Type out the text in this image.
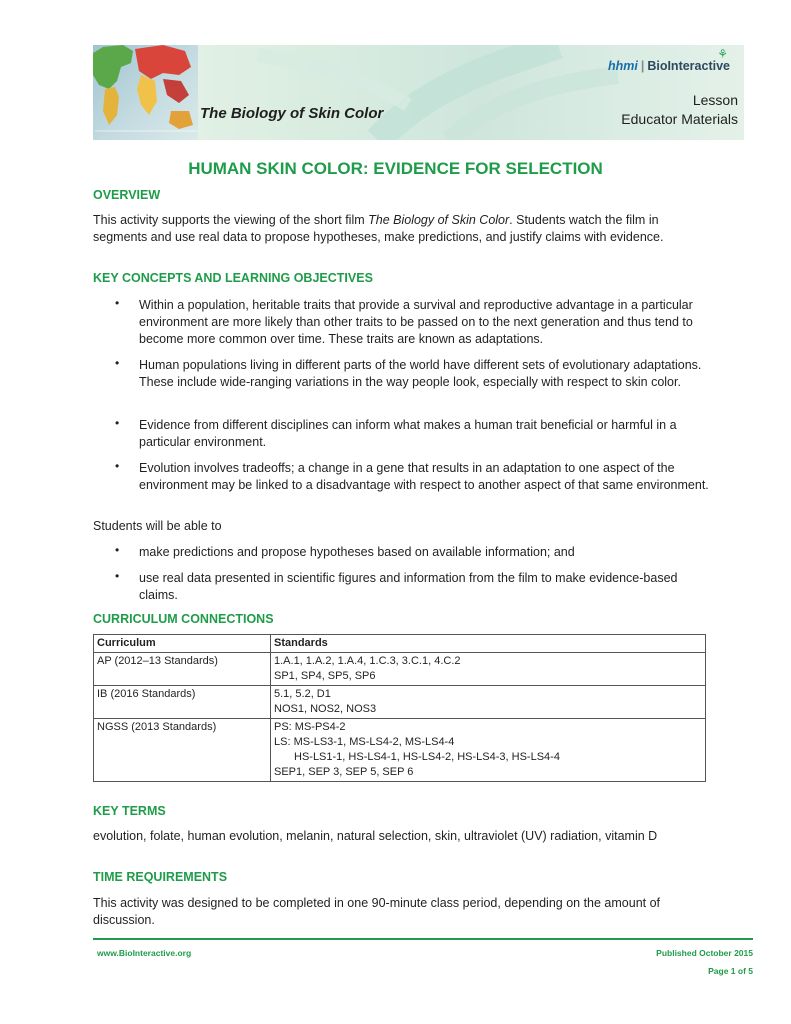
⚘
hhmi | BioInteractive
The Biology of Skin Color
Lesson
Educator Materials
HUMAN SKIN COLOR: EVIDENCE FOR SELECTION
OVERVIEW
This activity supports the viewing of the short film The Biology of Skin Color. Students watch the film in segments and use real data to propose hypotheses, make predictions, and justify claims with evidence.
KEY CONCEPTS AND LEARNING OBJECTIVES
• Within a population, heritable traits that provide a survival and reproductive advantage in a particular environment are more likely than other traits to be passed on to the next generation and thus tend to become more common over time. These traits are known as adaptations.
• Human populations living in different parts of the world have different sets of evolutionary adaptations. These include wide-ranging variations in the way people look, especially with respect to skin color.
• Evidence from different disciplines can inform what makes a human trait beneficial or harmful in a particular environment.
• Evolution involves tradeoffs; a change in a gene that results in an adaptation to one aspect of the environment may be linked to a disadvantage with respect to another aspect of that same environment.
Students will be able to
• make predictions and propose hypotheses based on available information; and
• use real data presented in scientific figures and information from the film to make evidence-based claims.
CURRICULUM CONNECTIONS
Curriculum	Standards
AP (2012–13 Standards)	1.A.1, 1.A.2, 1.A.4, 1.C.3, 3.C.1, 4.C.2
SP1, SP4, SP5, SP6

IB (2016 Standards)	5.1, 5.2, D1
NOS1, NOS2, NOS3

NGSS (2013 Standards)	PS: MS-PS4-2
LS: MS-LS3-1, MS-LS4-2, MS-LS4-4
HS-LS1-1, HS-LS4-1, HS-LS4-2, HS-LS4-3, HS-LS4-4
SEP1, SEP 3, SEP 5, SEP 6
KEY TERMS
evolution, folate, human evolution, melanin, natural selection, skin, ultraviolet (UV) radiation, vitamin D
TIME REQUIREMENTS
This activity was designed to be completed in one 90-minute class period, depending on the amount of discussion.
www.BioInteractive.org	Published October 2015
Page 1 of 5
